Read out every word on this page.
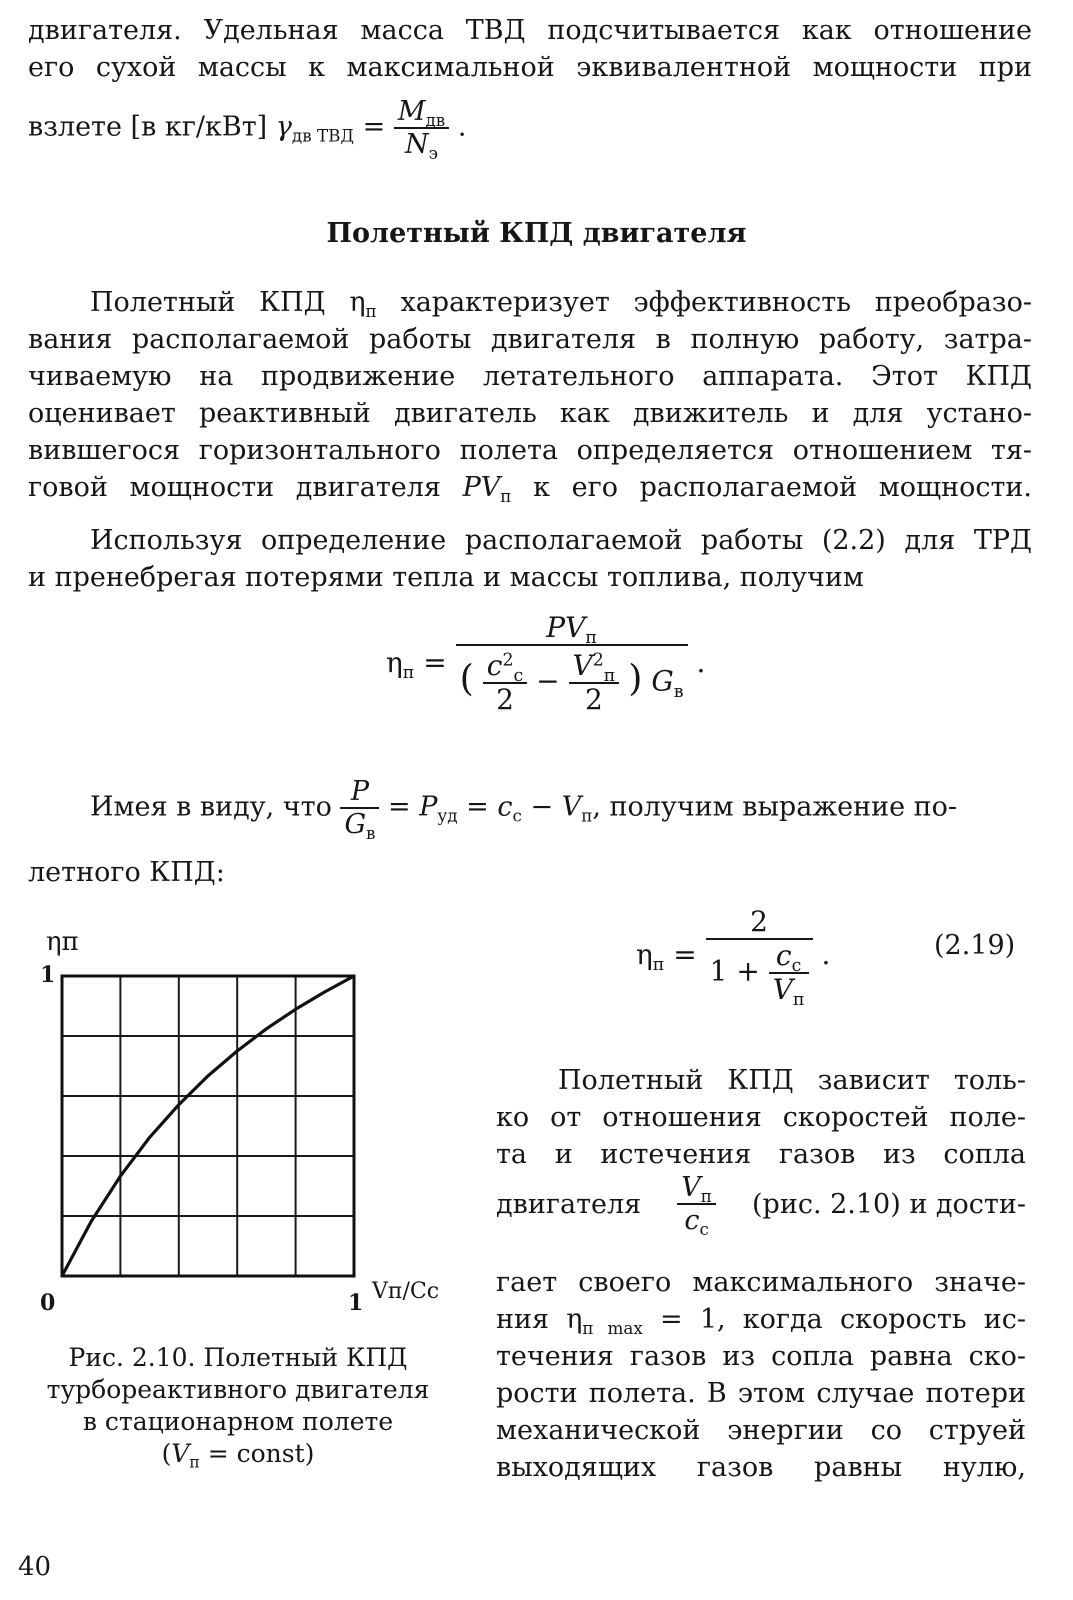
двигателя. Удельная масса ТВД подсчитывается как отношение
его сухой массы к максимальной эквивалентной мощности при
взлете [в кг/кВт] $\gamma_{дв ТВД} = \frac{M_{дв}}{N_э}$ .
Полетный КПД двигателя
Полетный КПД $\eta_п$ характеризует эффективность преобразо-
вания располагаемой работы двигателя в полную работу, затра-
чиваемую на продвижение летательного аппарата. Этот КПД
оценивает реактивный двигатель как движитель и для устано-
вившегося горизонтального полета определяется отношением тя-
говой мощности двигателя $PV_п$ к его располагаемой мощности.
Используя определение располагаемой работы (2.2) для ТРД
и пренебрегая потерями тепла и массы топлива, получим
$\eta_п$ =
$PV_п$
( $\frac{c^2_с}{2} - \frac{V^2_п}{2}$ ) $G_в$
.
Имея в виду, что $\frac{P}{G_в} = P_{уд} = c_с - V_п$, получим выражение по-
летного КПД:
$\eta_п = \frac{2}{1 + \frac{c_с}{V_п}}$ .	(2.19)
0	1
1
ηп
Vп/Cс
Рис. 2.10. Полетный КПД
турбореактивного двигателя
в стационарном полете
($V_п$ = const)
Полетный КПД зависит толь-
ко от отношения скоростей поле-
та и истечения газов из сопла
двигателя $\frac{V_п}{c_с} (рис$. 2.10) и дости-
гает своего максимального значе-
ния $\eta_{п max} = 1$, когда скорость ис-
течения газов из сопла равна ско-
рости полета. В этом случае потери
механической энергии со струей
выходящих газов равны нулю,
40
